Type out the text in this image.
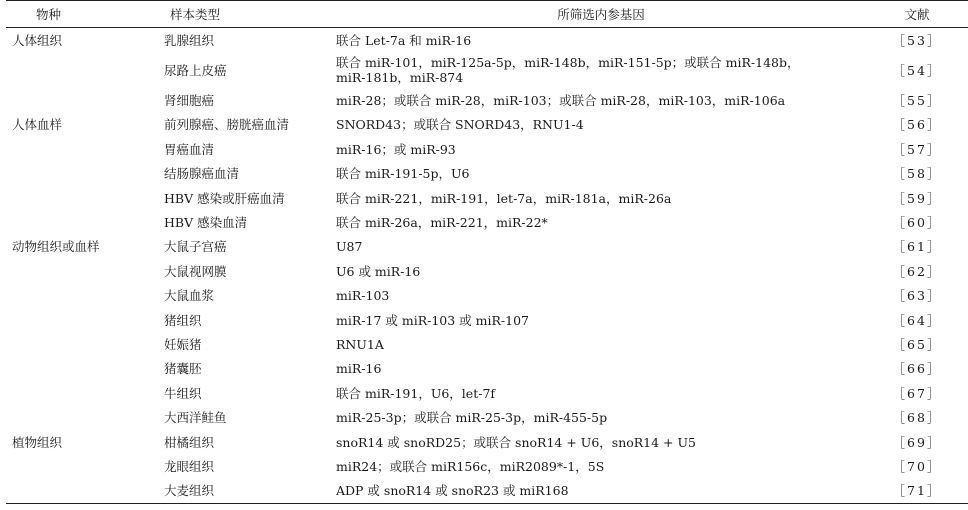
物种	样本类型	所筛选内参基因	文献
人体组织	乳腺组织	联合 Let-7a 和 miR-16	［53］
	尿路上皮癌	联合 miR-101，miR-125a-5p，miR-148b，miR-151-5p；或联合 miR-148b，miR-181b，miR-874	［54］
	肾细胞癌	miR-28；或联合 miR-28，miR-103；或联合 miR-28，miR-103，miR-106a	［55］
人体血样	前列腺癌、膀胱癌血清	SNORD43；或联合 SNORD43，RNU1-4	［56］
	胃癌血清	miR-16；或 miR-93	［57］
	结肠腺癌血清	联合 miR-191-5p，U6	［58］
	HBV 感染或肝癌血清	联合 miR-221，miR-191，let-7a，miR-181a，miR-26a	［59］
	HBV 感染血清	联合 miR-26a，miR-221，miR-22*	［60］
动物组织或血样	大鼠子宫癌	U87	［61］
	大鼠视网膜	U6 或 miR-16	［62］
	大鼠血浆	miR-103	［63］
	猪组织	miR-17 或 miR-103 或 miR-107	［64］
	妊娠猪	RNU1A	［65］
	猪囊胚	miR-16	［66］
	牛组织	联合 miR-191，U6，let-7f	［67］
	大西洋鲑鱼	miR-25-3p；或联合 miR-25-3p，miR-455-5p	［68］
植物组织	柑橘组织	snoR14 或 snoRD25；或联合 snoR14 + U6，snoR14 + U5	［69］
	龙眼组织	miR24；或联合 miR156c，miR2089*-1，5S	［70］
	大麦组织	ADP 或 snoR14 或 snoR23 或 miR168	［71］
